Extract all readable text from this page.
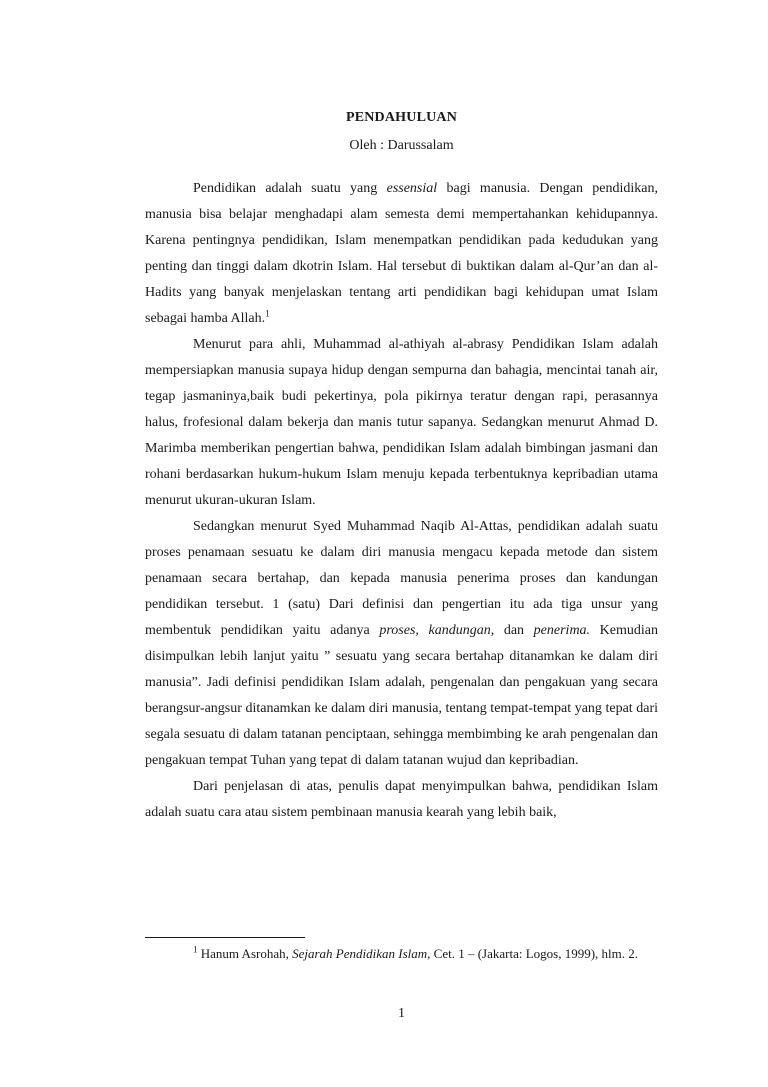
PENDAHULUAN
Oleh : Darussalam

Pendidikan adalah suatu yang essensial bagi manusia. Dengan pendidikan, manusia bisa belajar menghadapi alam semesta demi mempertahankan kehidupannya. Karena pentingnya pendidikan, Islam menempatkan pendidikan pada kedudukan yang penting dan tinggi dalam dkotrin Islam. Hal tersebut di buktikan dalam al-Qur’an dan al-Hadits yang banyak menjelaskan tentang arti pendidikan bagi kehidupan umat Islam sebagai hamba Allah.$^1$

Menurut para ahli, Muhammad al-athiyah al-abrasy Pendidikan Islam adalah mempersiapkan manusia supaya hidup dengan sempurna dan bahagia, mencintai tanah air, tegap jasmaninya,baik budi pekertinya, pola pikirnya teratur dengan rapi, perasannya halus, frofesional dalam bekerja dan manis tutur sapanya. Sedangkan menurut Ahmad D. Marimba memberikan pengertian bahwa, pendidikan Islam adalah bimbingan jasmani dan rohani berdasarkan hukum-hukum Islam menuju kepada terbentuknya kepribadian utama menurut ukuran-ukuran Islam.

Sedangkan menurut Syed Muhammad Naqib Al-Attas, pendidikan adalah suatu proses penamaan sesuatu ke dalam diri manusia mengacu kepada metode dan sistem penamaan secara bertahap, dan kepada manusia penerima proses dan kandungan pendidikan tersebut. 1 (satu) Dari definisi dan pengertian itu ada tiga unsur yang membentuk pendidikan yaitu adanya proses, kandungan, dan penerima. Kemudian disimpulkan lebih lanjut yaitu ” sesuatu yang secara bertahap ditanamkan ke dalam diri manusia”. Jadi definisi pendidikan Islam adalah, pengenalan dan pengakuan yang secara berangsur-angsur ditanamkan ke dalam diri manusia, tentang tempat-tempat yang tepat dari segala sesuatu di dalam tatanan penciptaan, sehingga membimbing ke arah pengenalan dan pengakuan tempat Tuhan yang tepat di dalam tatanan wujud dan kepribadian.

Dari penjelasan di atas, penulis dapat menyimpulkan bahwa, pendidikan Islam adalah suatu cara atau sistem pembinaan manusia kearah yang lebih baik,

$^1$ Hanum Asrohah, Sejarah Pendidikan Islam, Cet. 1 – (Jakarta: Logos, 1999), hlm. 2.
1
